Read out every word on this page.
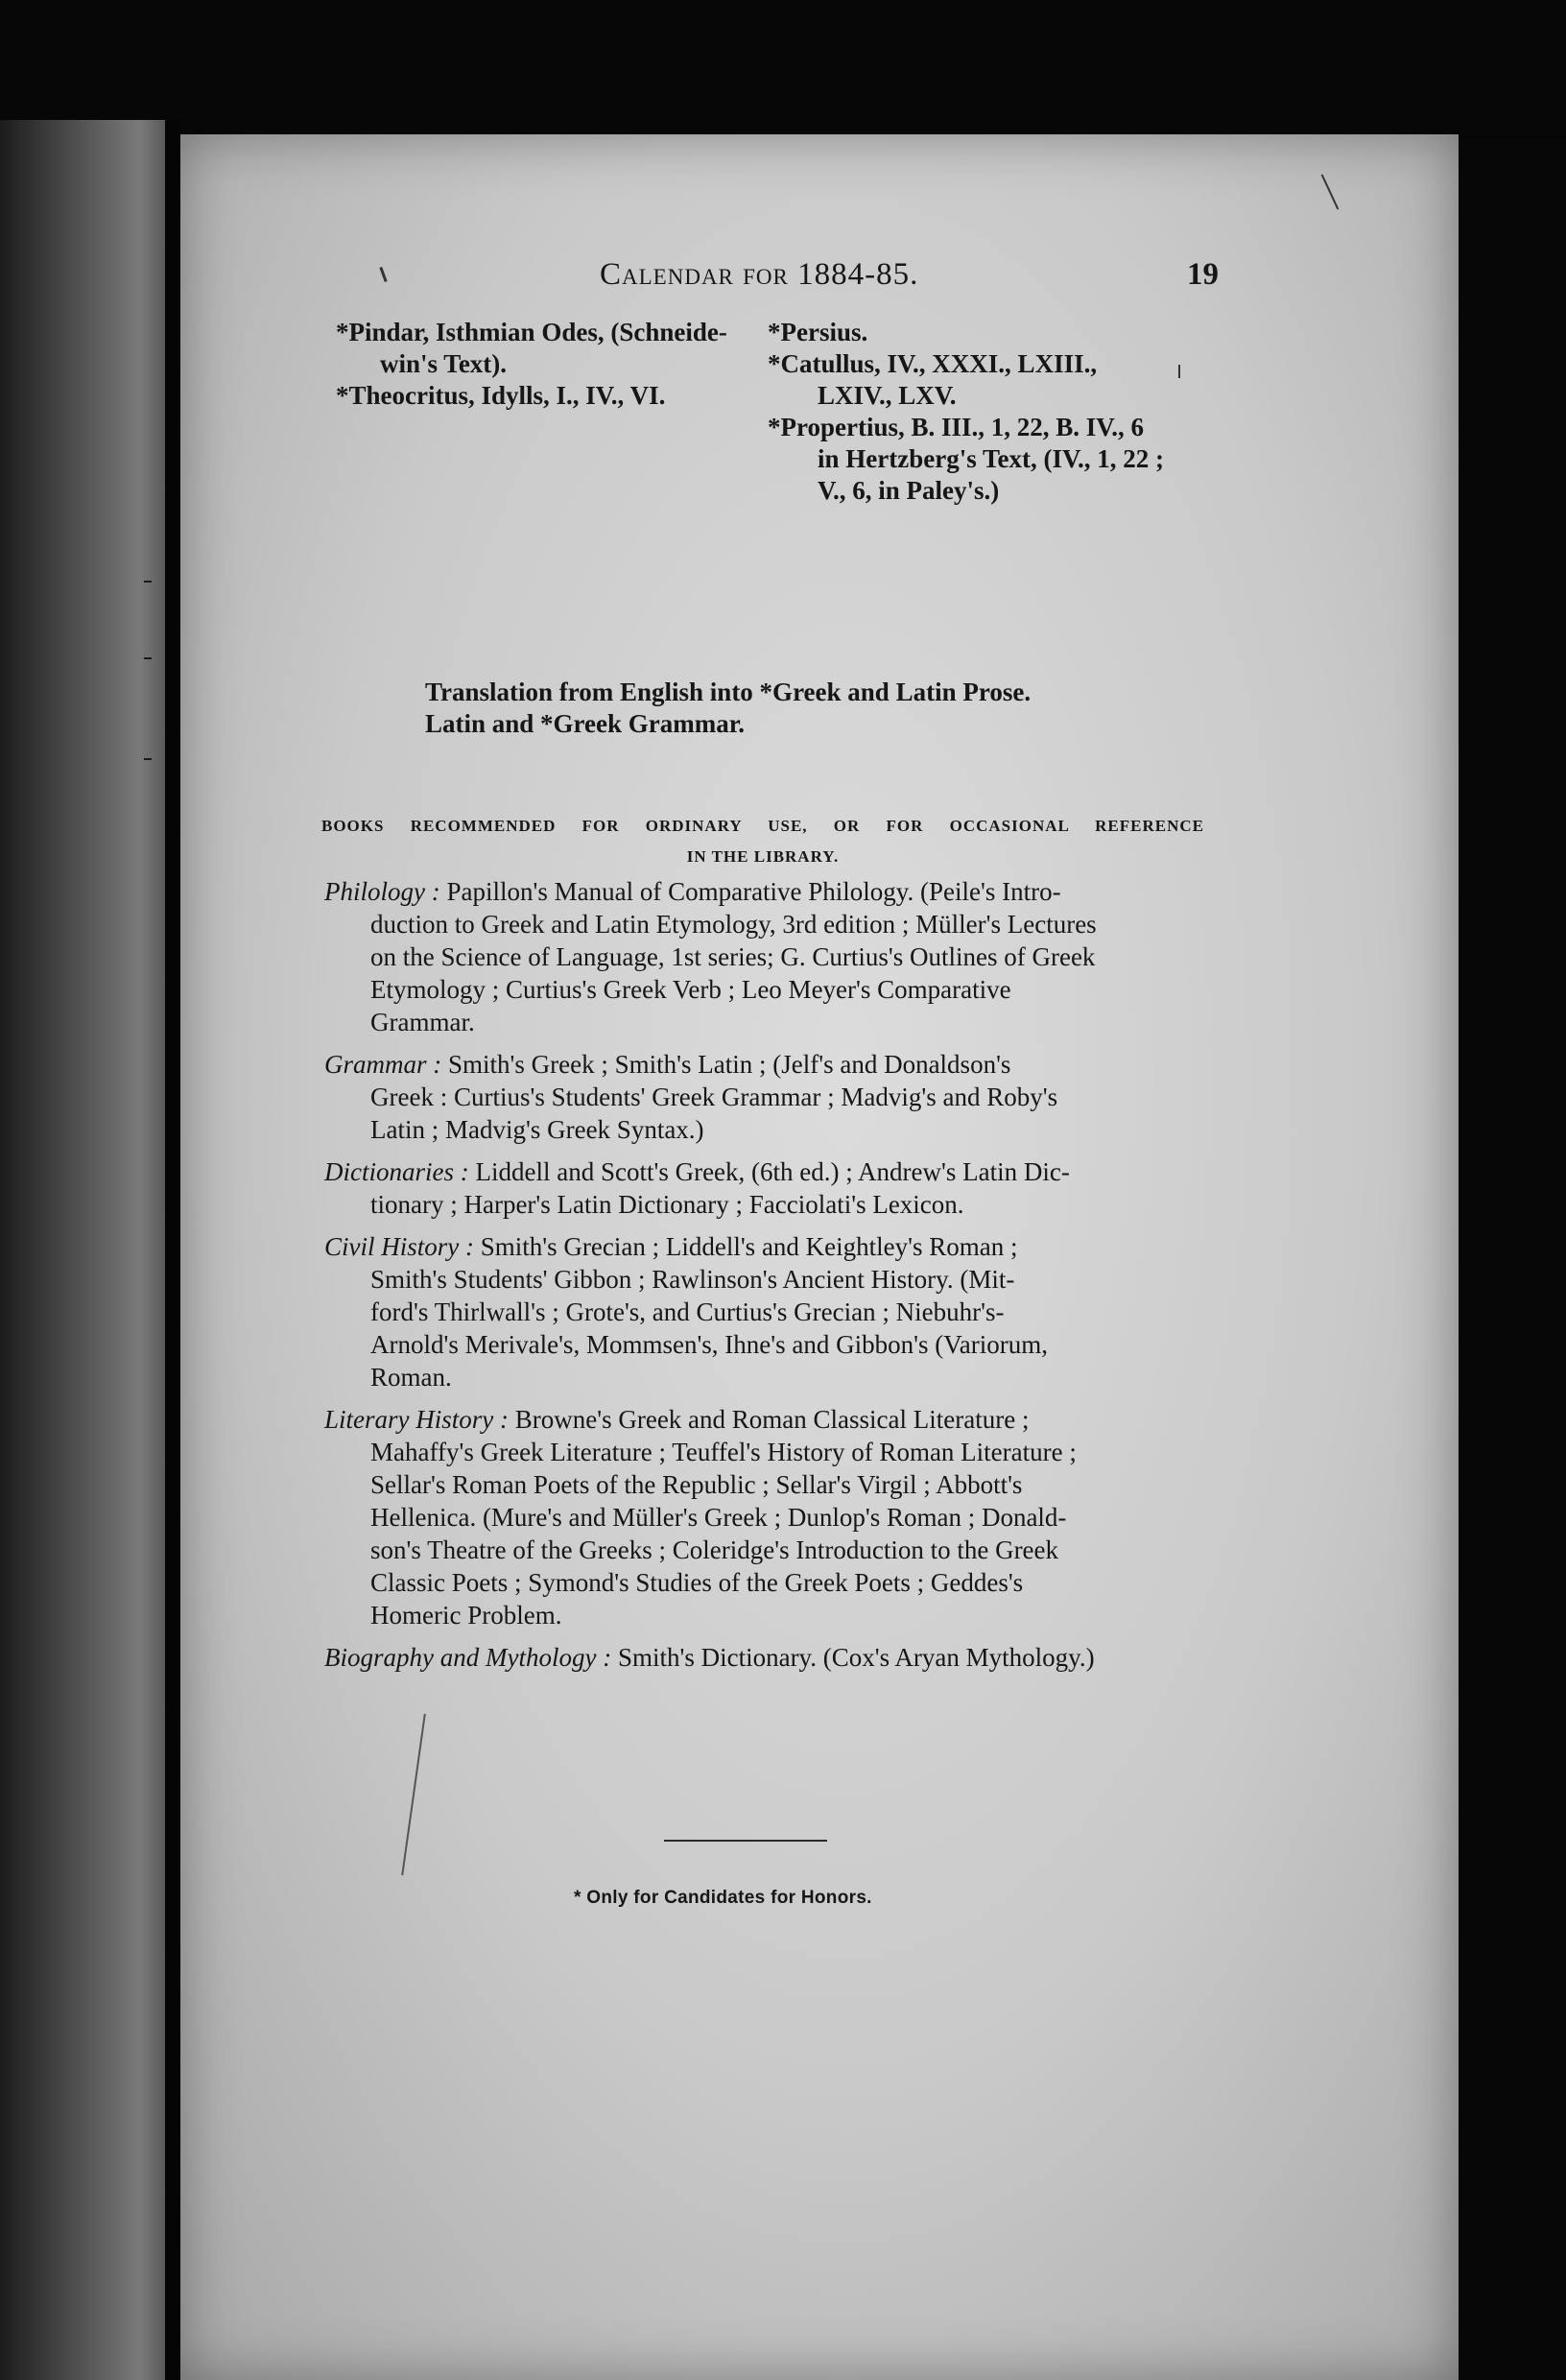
Calendar for 1884-85.	19
*Pindar, Isthmian Odes, (Schneide-
win's Text).
*Theocritus, Idylls, I., IV., VI.
*Persius.
*Catullus, IV., XXXI., LXIII.,
LXIV., LXV.
*Propertius, B. III., 1, 22, B. IV., 6
in Hertzberg's Text, (IV., 1, 22 ;
V., 6, in Paley's.)
Translation from English into *Greek and Latin Prose.
Latin and *Greek Grammar.
BOOKS RECOMMENDED FOR ORDINARY USE, OR FOR OCCASIONAL REFERENCE
IN THE LIBRARY.
Philology : Papillon's Manual of Comparative Philology. (Peile's Intro-
duction to Greek and Latin Etymology, 3rd edition ; Müller's Lectures
on the Science of Language, 1st series; G. Curtius's Outlines of Greek
Etymology ; Curtius's Greek Verb ; Leo Meyer's Comparative
Grammar.
Grammar : Smith's Greek ; Smith's Latin ; (Jelf's and Donaldson's
Greek : Curtius's Students' Greek Grammar ; Madvig's and Roby's
Latin ; Madvig's Greek Syntax.)
Dictionaries : Liddell and Scott's Greek, (6th ed.) ; Andrew's Latin Dic-
tionary ; Harper's Latin Dictionary ; Facciolati's Lexicon.
Civil History : Smith's Grecian ; Liddell's and Keightley's Roman ;
Smith's Students' Gibbon ; Rawlinson's Ancient History. (Mit-
ford's Thirlwall's ; Grote's, and Curtius's Grecian ; Niebuhr's-
Arnold's Merivale's, Mommsen's, Ihne's and Gibbon's (Variorum,
Roman.
Literary History : Browne's Greek and Roman Classical Literature ;
Mahaffy's Greek Literature ; Teuffel's History of Roman Literature ;
Sellar's Roman Poets of the Republic ; Sellar's Virgil ; Abbott's
Hellenica. (Mure's and Müller's Greek ; Dunlop's Roman ; Donald-
son's Theatre of the Greeks ; Coleridge's Introduction to the Greek
Classic Poets ; Symond's Studies of the Greek Poets ; Geddes's
Homeric Problem.
Biography and Mythology : Smith's Dictionary. (Cox's Aryan Mythology.)
* Only for Candidates for Honors.
